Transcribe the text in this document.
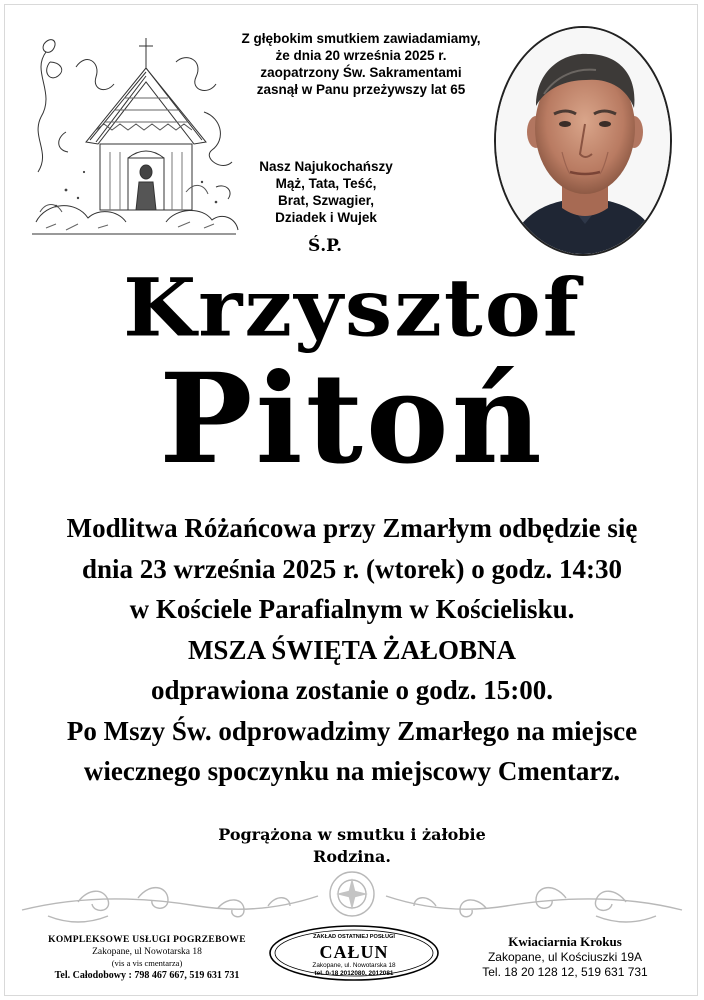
Z głębokim smutkiem zawiadamiamy,
że dnia 20 września 2025 r.
zaopatrzony Św. Sakramentami
zasnął w Panu przeżywszy lat 65
Nasz Najukochańszy
Mąż, Tata, Teść,
Brat, Szwagier,
Dziadek i Wujek
Ś.P.
Krzysztof
Pitoń
Modlitwa Różańcowa przy Zmarłym odbędzie się
dnia 23 września 2025 r. (wtorek) o godz. 14:30
w Kościele Parafialnym w Kościelisku.
MSZA ŚWIĘTA ŻAŁOBNA
odprawiona zostanie o godz. 15:00.
Po Mszy Św. odprowadzimy Zmarłego na miejsce
wiecznego spoczynku na miejscowy Cmentarz.
Pogrążona w smutku i żałobie
Rodzina.
KOMPLEKSOWE USŁUGI POGRZEBOWE
Zakopane, ul Nowotarska 18
(vis a vis cmentarza)
Tel. Całodobowy : 798 467 667, 519 631 731
ZAKŁAD OSTATNIEJ POSŁUGI
CAŁUN
Zakopane, ul. Nowotarska 18
tel. 0-18 2012080, 2012081
Kwiaciarnia Krokus
Zakopane, ul Kościuszki 19A
Tel. 18 20 128 12, 519 631 731
